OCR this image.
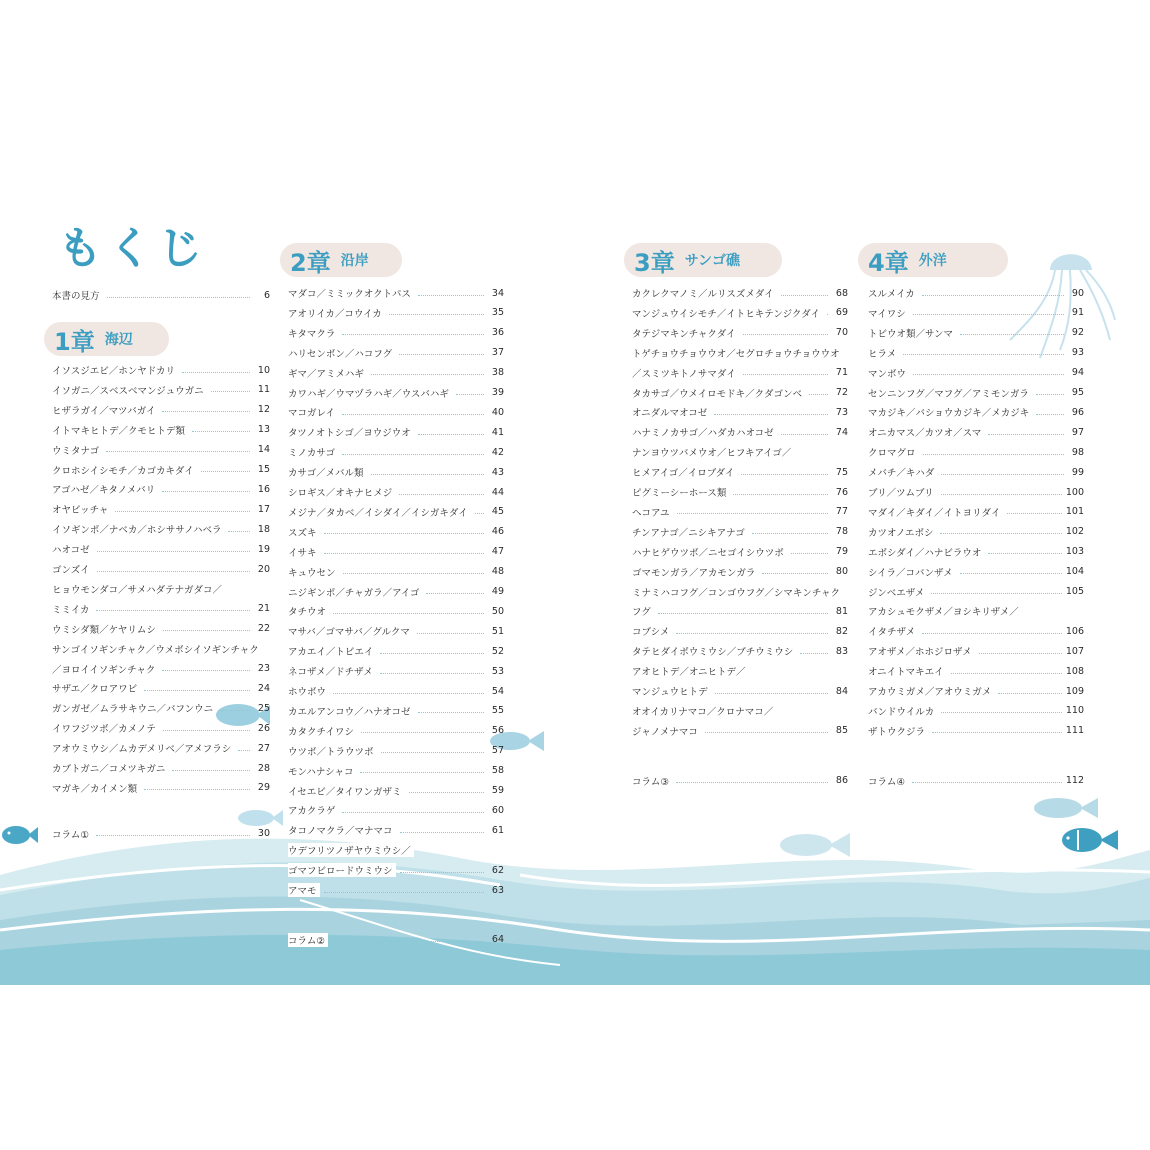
もくじ
本書の見方	6
1章 海辺
2章 沿岸	3章 サンゴ礁	4章 外洋
イソスジエビ／ホンヤドカリ	10
イソガニ／スベスベマンジュウガニ	11
ヒザラガイ／マツバガイ	12
イトマキヒトデ／クモヒトデ類	13
ウミタナゴ	14
クロホシイシモチ／カゴカキダイ	15
アゴハゼ／キタノメバリ	16
オヤビッチャ	17
イソギンポ／ナベカ／ホシササノハベラ	18
ハオコゼ	19
ゴンズイ	20
ヒョウモンダコ／サメハダテナガダコ／
ミミイカ	21
ウミシダ類／ケヤリムシ	22
サンゴイソギンチャク／ウメボシイソギンチャク
／ヨロイイソギンチャク	23
サザエ／クロアワビ	24
ガンガゼ／ムラサキウニ／バフンウニ	25
イワフジツボ／カメノテ	26
アオウミウシ／ムカデメリベ／アメフラシ	27
カブトガニ／コメツキガニ	28
マガキ／カイメン類	29
コラム①	30
マダコ／ミミックオクトパス	34
アオリイカ／コウイカ	35
キタマクラ	36
ハリセンボン／ハコフグ	37
ギマ／アミメハギ	38
カワハギ／ウマヅラハギ／ウスバハギ	39
マコガレイ	40
タツノオトシゴ／ヨウジウオ	41
ミノカサゴ	42
カサゴ／メバル類	43
シロギス／オキナヒメジ	44
メジナ／タカベ／イシダイ／イシガキダイ	45
スズキ	46
イサキ	47
キュウセン	48
ニジギンポ／チャガラ／アイゴ	49
タチウオ	50
マサバ／ゴマサバ／グルクマ	51
アカエイ／トビエイ	52
ネコザメ／ドチザメ	53
ホウボウ	54
カエルアンコウ／ハナオコゼ	55
カタクチイワシ	56
ウツボ／トラウツボ	57
モンハナシャコ	58
イセエビ／タイワンガザミ	59
アカクラゲ	60
タコノマクラ／マナマコ	61
ウデフリツノザヤウミウシ／
ゴマフビロードウミウシ	62
アマモ	63
コラム②	64
カクレクマノミ／ルリスズメダイ	68
マンジュウイシモチ／イトヒキテンジクダイ	69
タテジマキンチャクダイ	70
トゲチョウチョウウオ／セグロチョウチョウウオ
／スミツキトノサマダイ	71
タカサゴ／ウメイロモドキ／クダゴンベ	72
オニダルマオコゼ	73
ハナミノカサゴ／ハダカハオコゼ	74
ナンヨウツバメウオ／ヒフキアイゴ／
ヒメアイゴ／イロブダイ	75
ピグミーシーホース類	76
ヘコアユ	77
チンアナゴ／ニシキアナゴ	78
ハナヒゲウツボ／ニセゴイシウツボ	79
ゴマモンガラ／アカモンガラ	80
ミナミハコフグ／コンゴウフグ／シマキンチャク
フグ	81
コブシメ	82
タテヒダイボウミウシ／ブチウミウシ	83
アオヒトデ／オニヒトデ／
マンジュウヒトデ	84
オオイカリナマコ／クロナマコ／
ジャノメナマコ	85
コラム③	86
スルメイカ	90
マイワシ	91
トビウオ類／サンマ	92
ヒラメ	93
マンボウ	94
センニンフグ／マフグ／アミモンガラ	95
マカジキ／バショウカジキ／メカジキ	96
オニカマス／カツオ／スマ	97
クロマグロ	98
メバチ／キハダ	99
ブリ／ツムブリ	100
マダイ／キダイ／イトヨリダイ	101
カツオノエボシ	102
エボシダイ／ハナビラウオ	103
シイラ／コバンザメ	104
ジンベエザメ	105
アカシュモクザメ／ヨシキリザメ／
イタチザメ	106
アオザメ／ホホジロザメ	107
オニイトマキエイ	108
アカウミガメ／アオウミガメ	109
バンドウイルカ	110
ザトウクジラ	111
コラム④	112
